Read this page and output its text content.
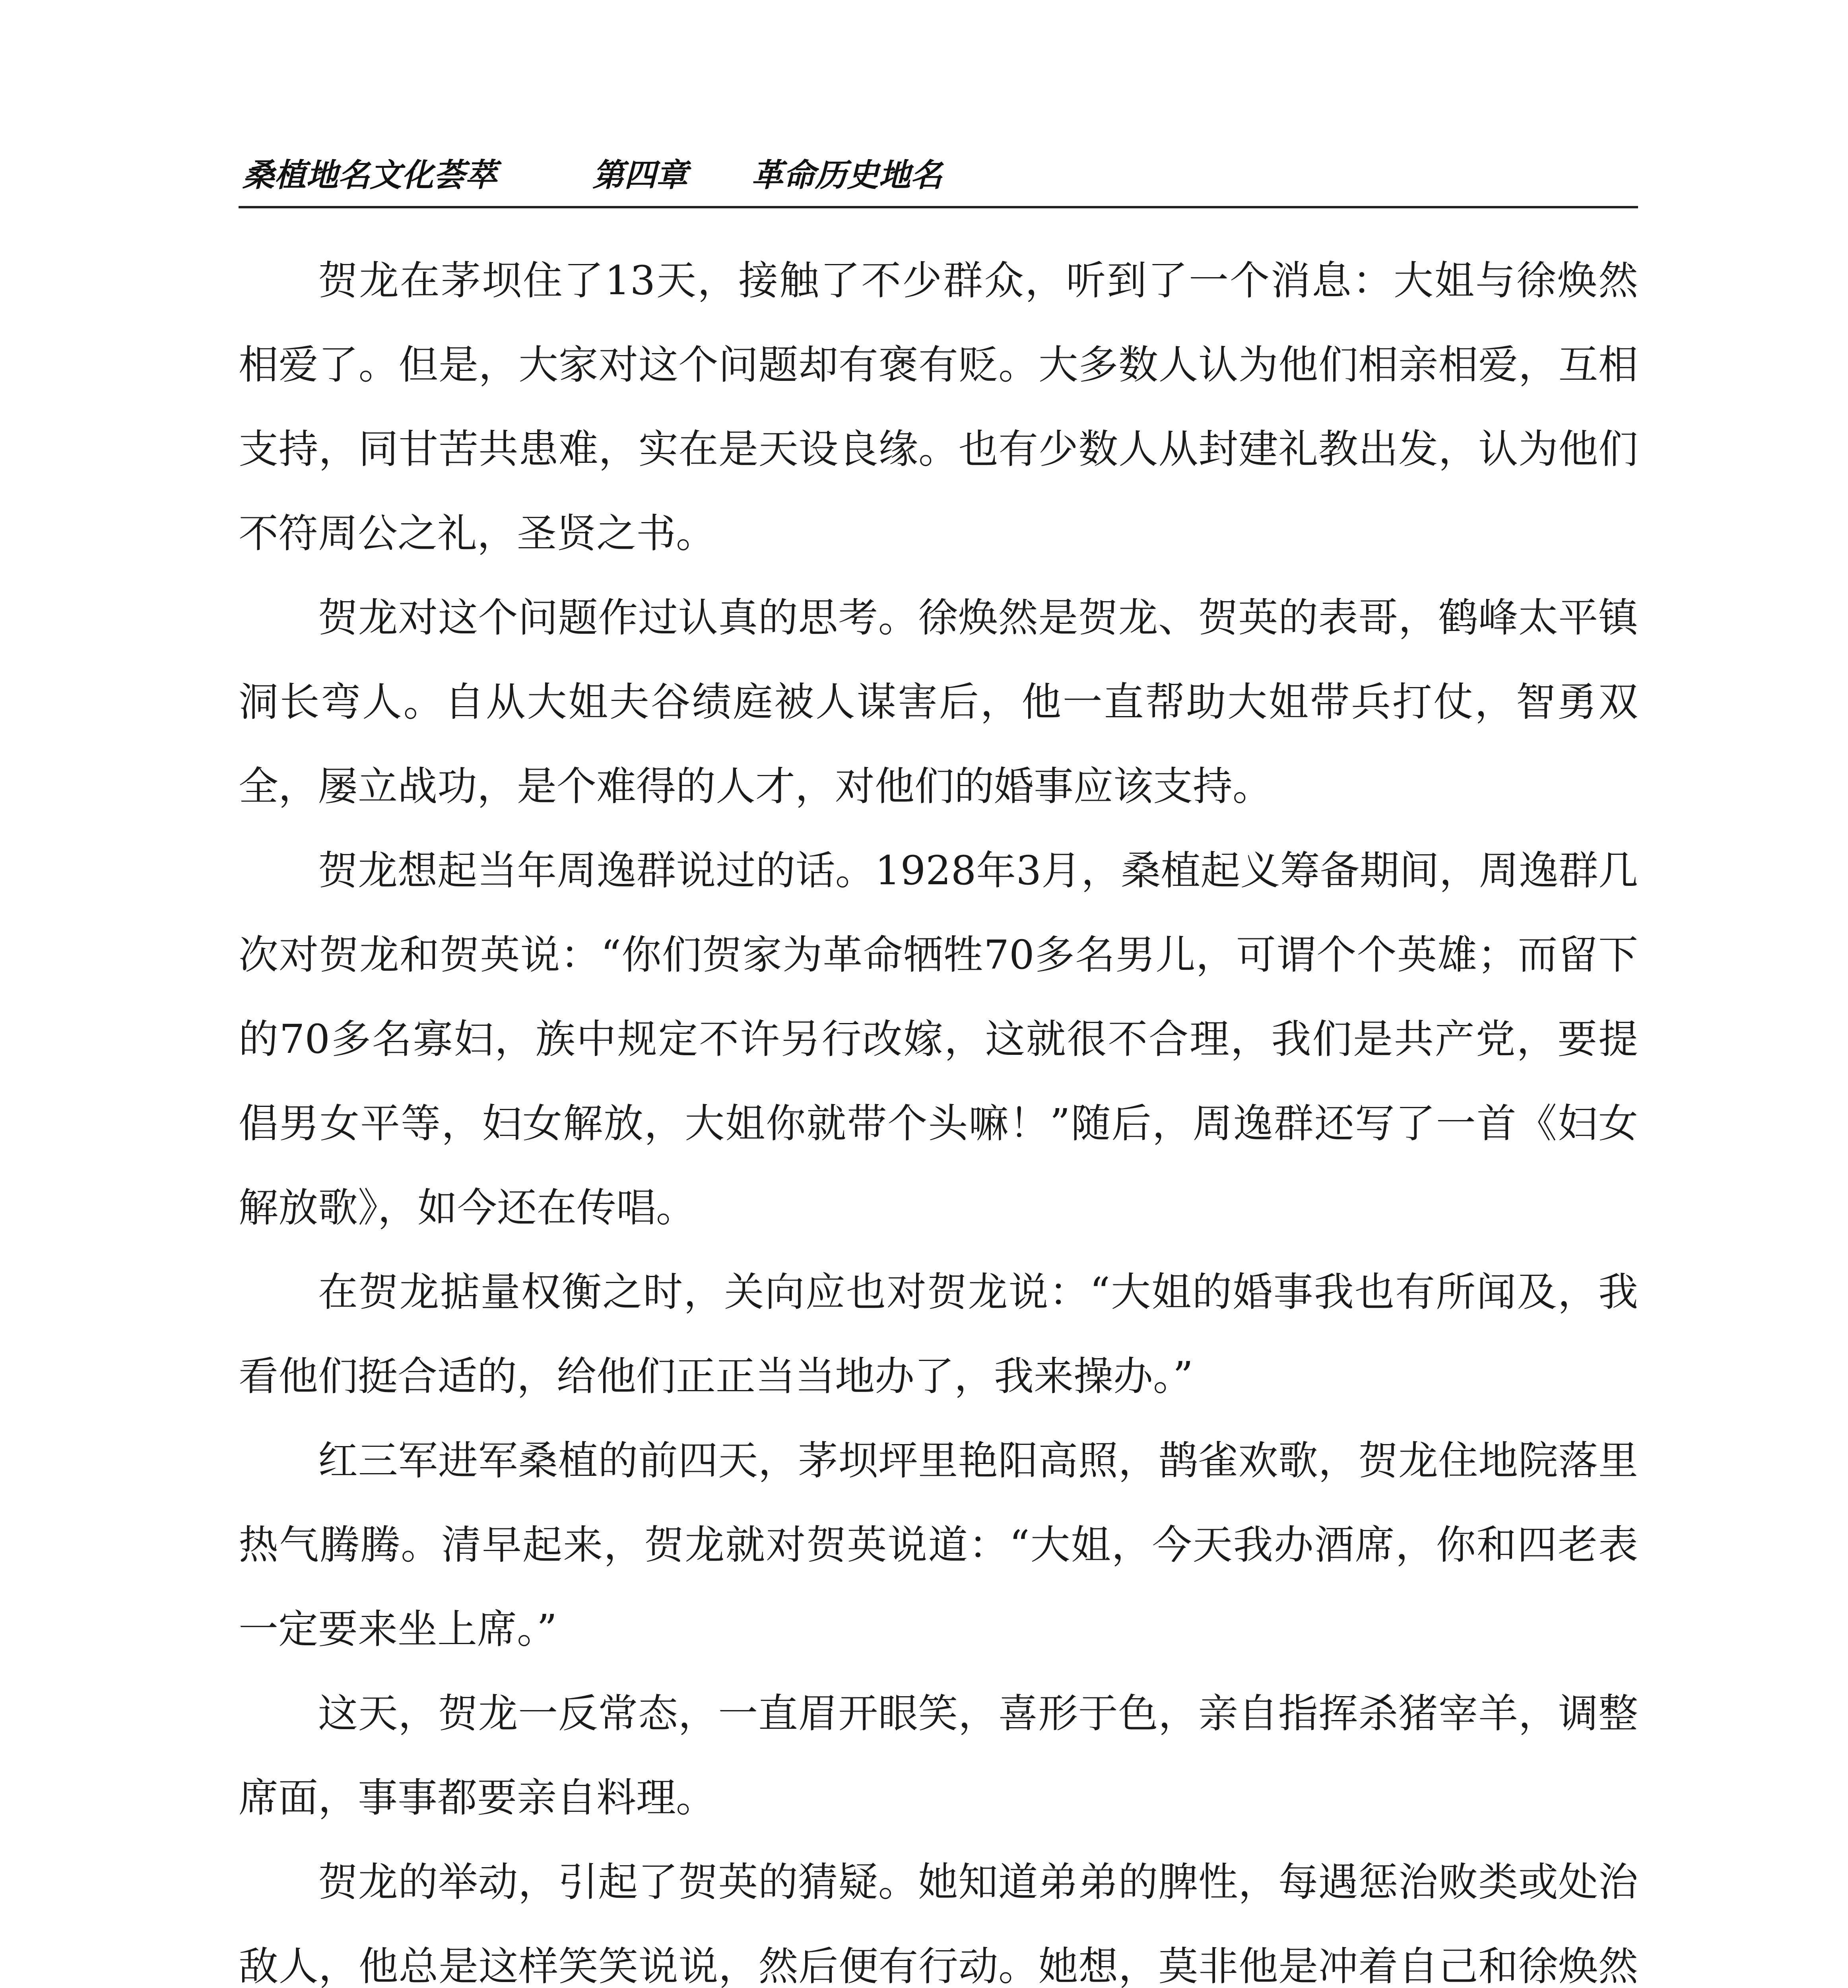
桑植地名文化荟萃	第四章 革命历史地名

贺龙在茅坝住了13天，接触了不少群众，听到了一个消息：大姐与徐焕然相爱了。但是，大家对这个问题却有褒有贬。大多数人认为他们相亲相爱，互相支持，同甘苦共患难，实在是天设良缘。也有少数人从封建礼教出发，认为他们不符周公之礼，圣贤之书。

贺龙对这个问题作过认真的思考。徐焕然是贺龙、贺英的表哥，鹤峰太平镇洞长弯人。自从大姐夫谷绩庭被人谋害后，他一直帮助大姐带兵打仗，智勇双全，屡立战功，是个难得的人才，对他们的婚事应该支持。

贺龙想起当年周逸群说过的话。1928年3月，桑植起义筹备期间，周逸群几次对贺龙和贺英说：“你们贺家为革命牺牲70多名男儿，可谓个个英雄；而留下的70多名寡妇，族中规定不许另行改嫁，这就很不合理，我们是共产党，要提倡男女平等，妇女解放，大姐你就带个头嘛！”随后，周逸群还写了一首《妇女解放歌》，如今还在传唱。

在贺龙掂量权衡之时，关向应也对贺龙说：“大姐的婚事我也有所闻及，我看他们挺合适的，给他们正正当当地办了，我来操办。”

红三军进军桑植的前四天，茅坝坪里艳阳高照，鹊雀欢歌，贺龙住地院落里热气腾腾。清早起来，贺龙就对贺英说道：“大姐，今天我办酒席，你和四老表一定要来坐上席。”

这天，贺龙一反常态，一直眉开眼笑，喜形于色，亲自指挥杀猪宰羊，调整席面，事事都要亲自料理。

贺龙的举动，引起了贺英的猜疑。她知道弟弟的脾性，每遇惩治败类或处治敌人，他总是这样笑笑说说，然后便有行动。她想，莫非他是冲着自己和徐焕然
